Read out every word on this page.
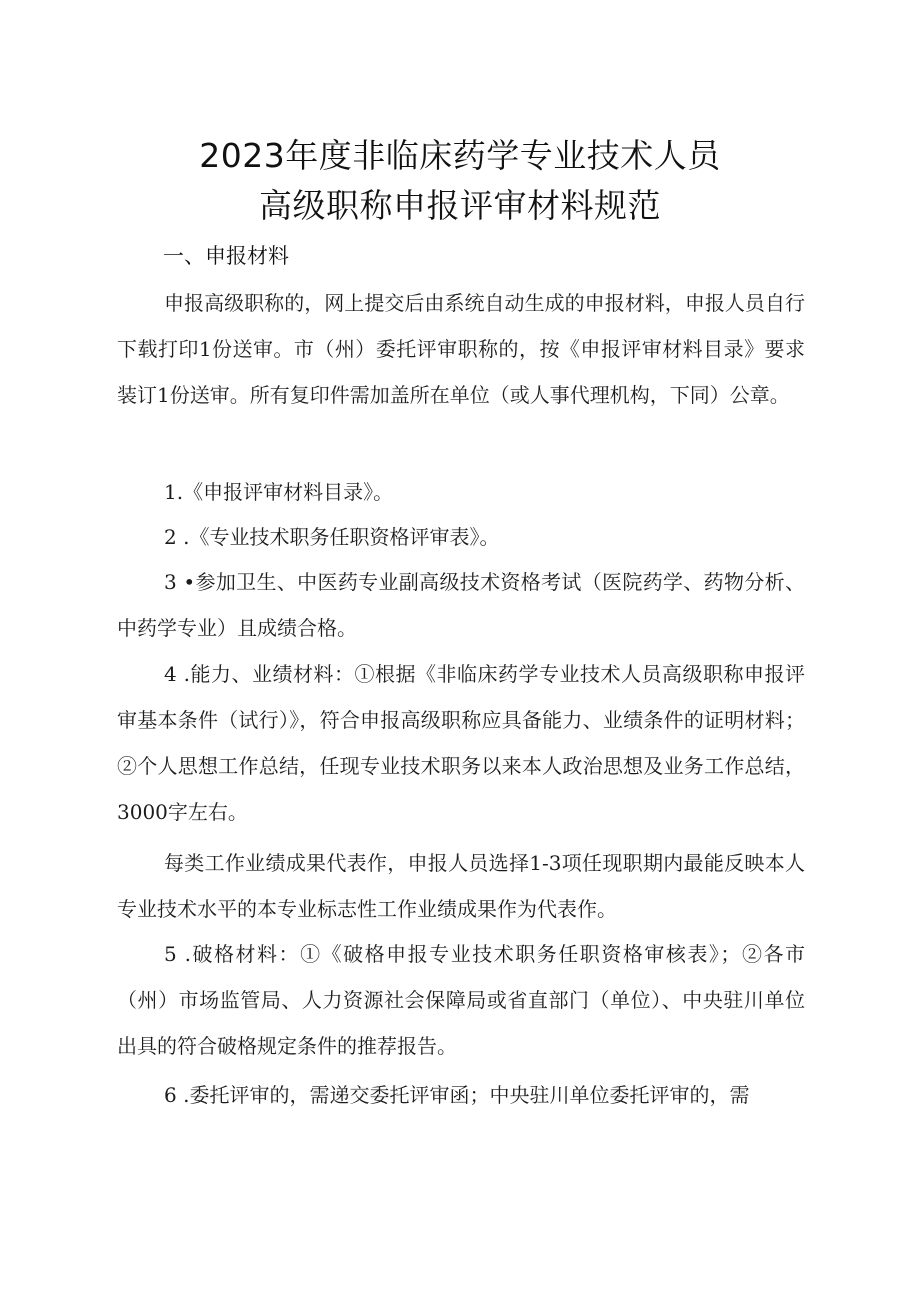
2023年度非临床药学专业技术人员
高级职称申报评审材料规范
一、申报材料
申报高级职称的，网上提交后由系统自动生成的申报材料，申报人员自行下载打印1份送审。市（州）委托评审职称的，按《申报评审材料目录》要求装订1份送审。所有复印件需加盖所在单位（或人事代理机构，下同）公章。
1.《申报评审材料目录》。
2 .《专业技术职务任职资格评审表》。
3 •参加卫生、中医药专业副高级技术资格考试（医院药学、药物分析、中药学专业）且成绩合格。
4 .能力、业绩材料：①根据《非临床药学专业技术人员高级职称申报评审基本条件（试行）》，符合申报高级职称应具备能力、业绩条件的证明材料；②个人思想工作总结，任现专业技术职务以来本人政治思想及业务工作总结，3000字左右。
每类工作业绩成果代表作，申报人员选择1-3项任现职期内最能反映本人专业技术水平的本专业标志性工作业绩成果作为代表作。
5 .破格材料：①《破格申报专业技术职务任职资格审核表》；②各市（州）市场监管局、人力资源社会保障局或省直部门（单位）、中央驻川单位出具的符合破格规定条件的推荐报告。
6 .委托评审的，需递交委托评审函；中央驻川单位委托评审的，需
